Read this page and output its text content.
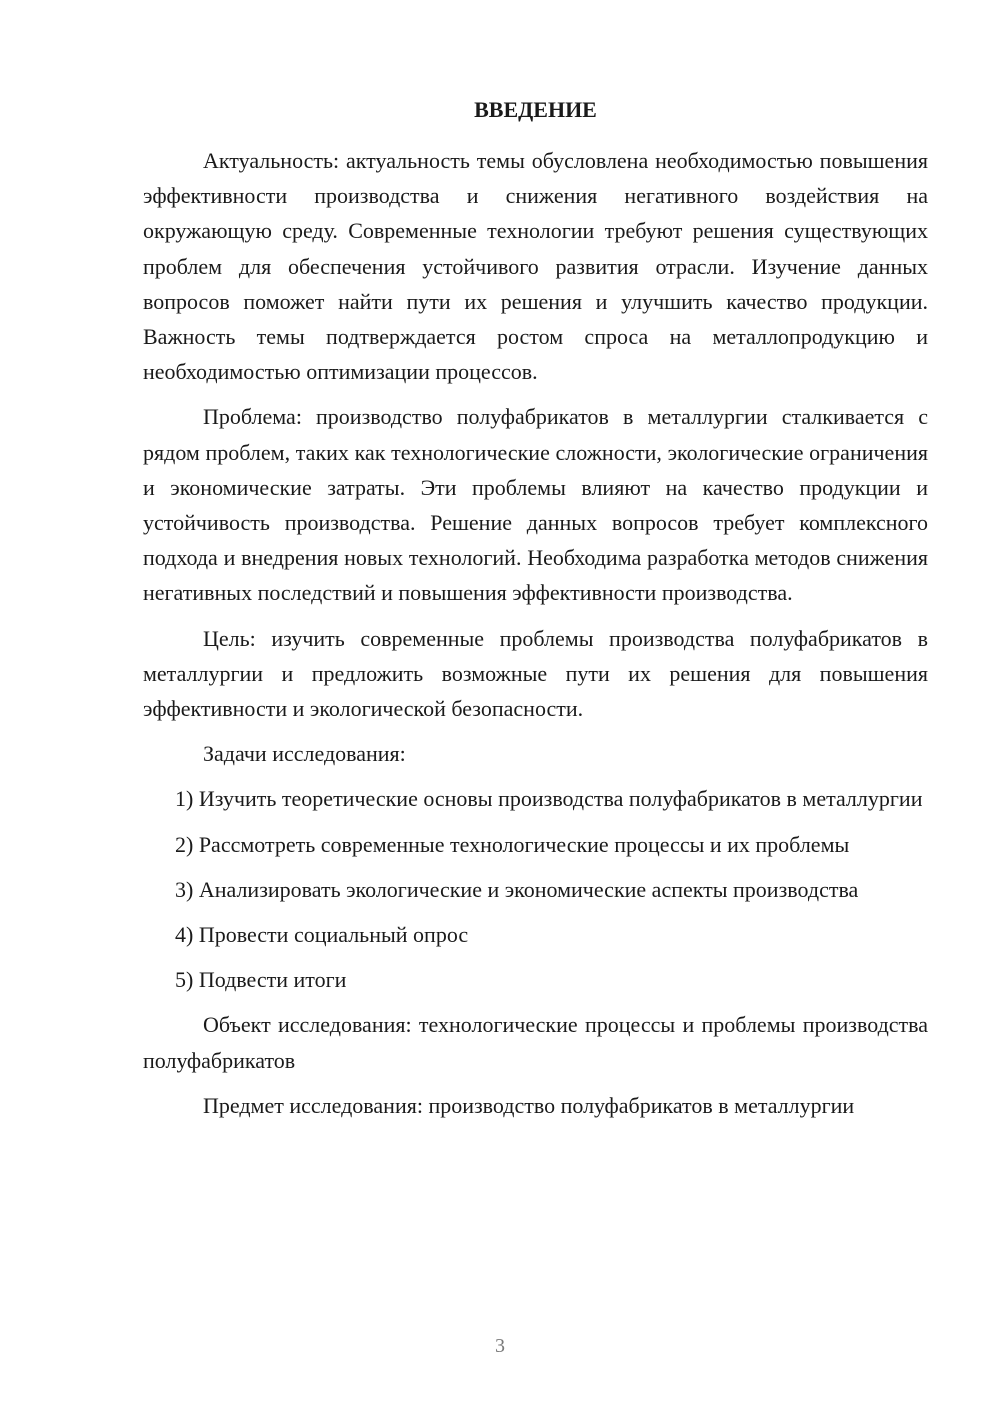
ВВЕДЕНИЕ

Актуальность: актуальность темы обусловлена необходимостью повышения эффективности производства и снижения негативного воздействия на окружающую среду. Современные технологии требуют решения существующих проблем для обеспечения устойчивого развития отрасли. Изучение данных вопросов поможет найти пути их решения и улучшить качество продукции. Важность темы подтверждается ростом спроса на металлопродукцию и необходимостью оптимизации процессов.

Проблема: производство полуфабрикатов в металлургии сталкивается с рядом проблем, таких как технологические сложности, экологические ограничения и экономические затраты. Эти проблемы влияют на качество продукции и устойчивость производства. Решение данных вопросов требует комплексного подхода и внедрения новых технологий. Необходима разработка методов снижения негативных последствий и повышения эффективности производства.

Цель: изучить современные проблемы производства полуфабрикатов в металлургии и предложить возможные пути их решения для повышения эффективности и экологической безопасности.

Задачи исследования:

1) Изучить теоретические основы производства полуфабрикатов в металлургии

2) Рассмотреть современные технологические процессы и их проблемы

3) Анализировать экологические и экономические аспекты производства

4) Провести социальный опрос

5) Подвести итоги

Объект исследования: технологические процессы и проблемы производства полуфабрикатов

Предмет исследования: производство полуфабрикатов в металлургии

3
